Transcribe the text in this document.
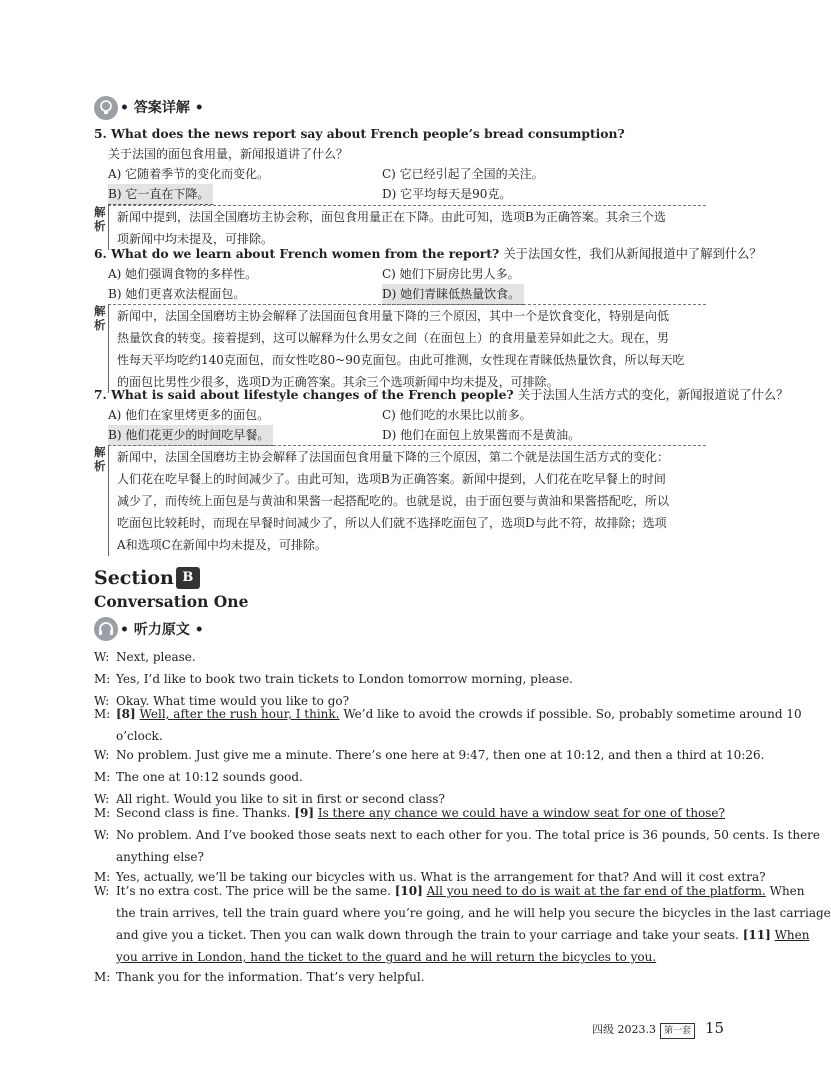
• 答案详解 •
5. What does the news report say about French people’s bread consumption?
关于法国的面包食用量，新闻报道讲了什么？
A) 它随着季节的变化而变化。
B) 它一直在下降。
C) 它已经引起了全国的关注。
D) 它平均每天是90克。
解析
新闻中提到，法国全国磨坊主协会称，面包食用量正在下降。由此可知，选项B为正确答案。其余三个选
项新闻中均未提及，可排除。
6. What do we learn about French women from the report? 关于法国女性，我们从新闻报道中了解到什么？
A) 她们强调食物的多样性。
B) 她们更喜欢法棍面包。
C) 她们下厨房比男人多。
D) 她们青睐低热量饮食。
解析
新闻中，法国全国磨坊主协会解释了法国面包食用量下降的三个原因，其中一个是饮食变化，特别是向低
热量饮食的转变。接着提到，这可以解释为什么男女之间（在面包上）的食用量差异如此之大。现在，男
性每天平均吃约140克面包，而女性吃80~90克面包。由此可推测，女性现在青睐低热量饮食，所以每天吃
的面包比男性少很多，选项D为正确答案。其余三个选项新闻中均未提及，可排除。
7. What is said about lifestyle changes of the French people? 关于法国人生活方式的变化，新闻报道说了什么？
A) 他们在家里烤更多的面包。
B) 他们花更少的时间吃早餐。
C) 他们吃的水果比以前多。
D) 他们在面包上放果酱而不是黄油。
解析
新闻中，法国全国磨坊主协会解释了法国面包食用量下降的三个原因，第二个就是法国生活方式的变化：
人们花在吃早餐上的时间减少了。由此可知，选项B为正确答案。新闻中提到，人们花在吃早餐上的时间
减少了，而传统上面包是与黄油和果酱一起搭配吃的。也就是说，由于面包要与黄油和果酱搭配吃，所以
吃面包比较耗时，而现在早餐时间减少了，所以人们就不选择吃面包了，选项D与此不符，故排除；选项
A和选项C在新闻中均未提及，可排除。
Section B
Conversation One
• 听力原文 •
W: Next, please.
M: Yes, I’d like to book two train tickets to London tomorrow morning, please.
W: Okay. What time would you like to go?
M: [8] Well, after the rush hour, I think. We’d like to avoid the crowds if possible. So, probably sometime around 10
o’clock.
W: No problem. Just give me a minute. There’s one here at 9:47, then one at 10:12, and then a third at 10:26.
M: The one at 10:12 sounds good.
W: All right. Would you like to sit in first or second class?
M: Second class is fine. Thanks. [9] Is there any chance we could have a window seat for one of those?
W: No problem. And I’ve booked those seats next to each other for you. The total price is 36 pounds, 50 cents. Is there
anything else?
M: Yes, actually, we’ll be taking our bicycles with us. What is the arrangement for that? And will it cost extra?
W: It’s no extra cost. The price will be the same. [10] All you need to do is wait at the far end of the platform. When
the train arrives, tell the train guard where you’re going, and he will help you secure the bicycles in the last carriage
and give you a ticket. Then you can walk down through the train to your carriage and take your seats. [11] When
you arrive in London, hand the ticket to the guard and he will return the bicycles to you.
M: Thank you for the information. That’s very helpful.
四级 2023.3 第一套 15
